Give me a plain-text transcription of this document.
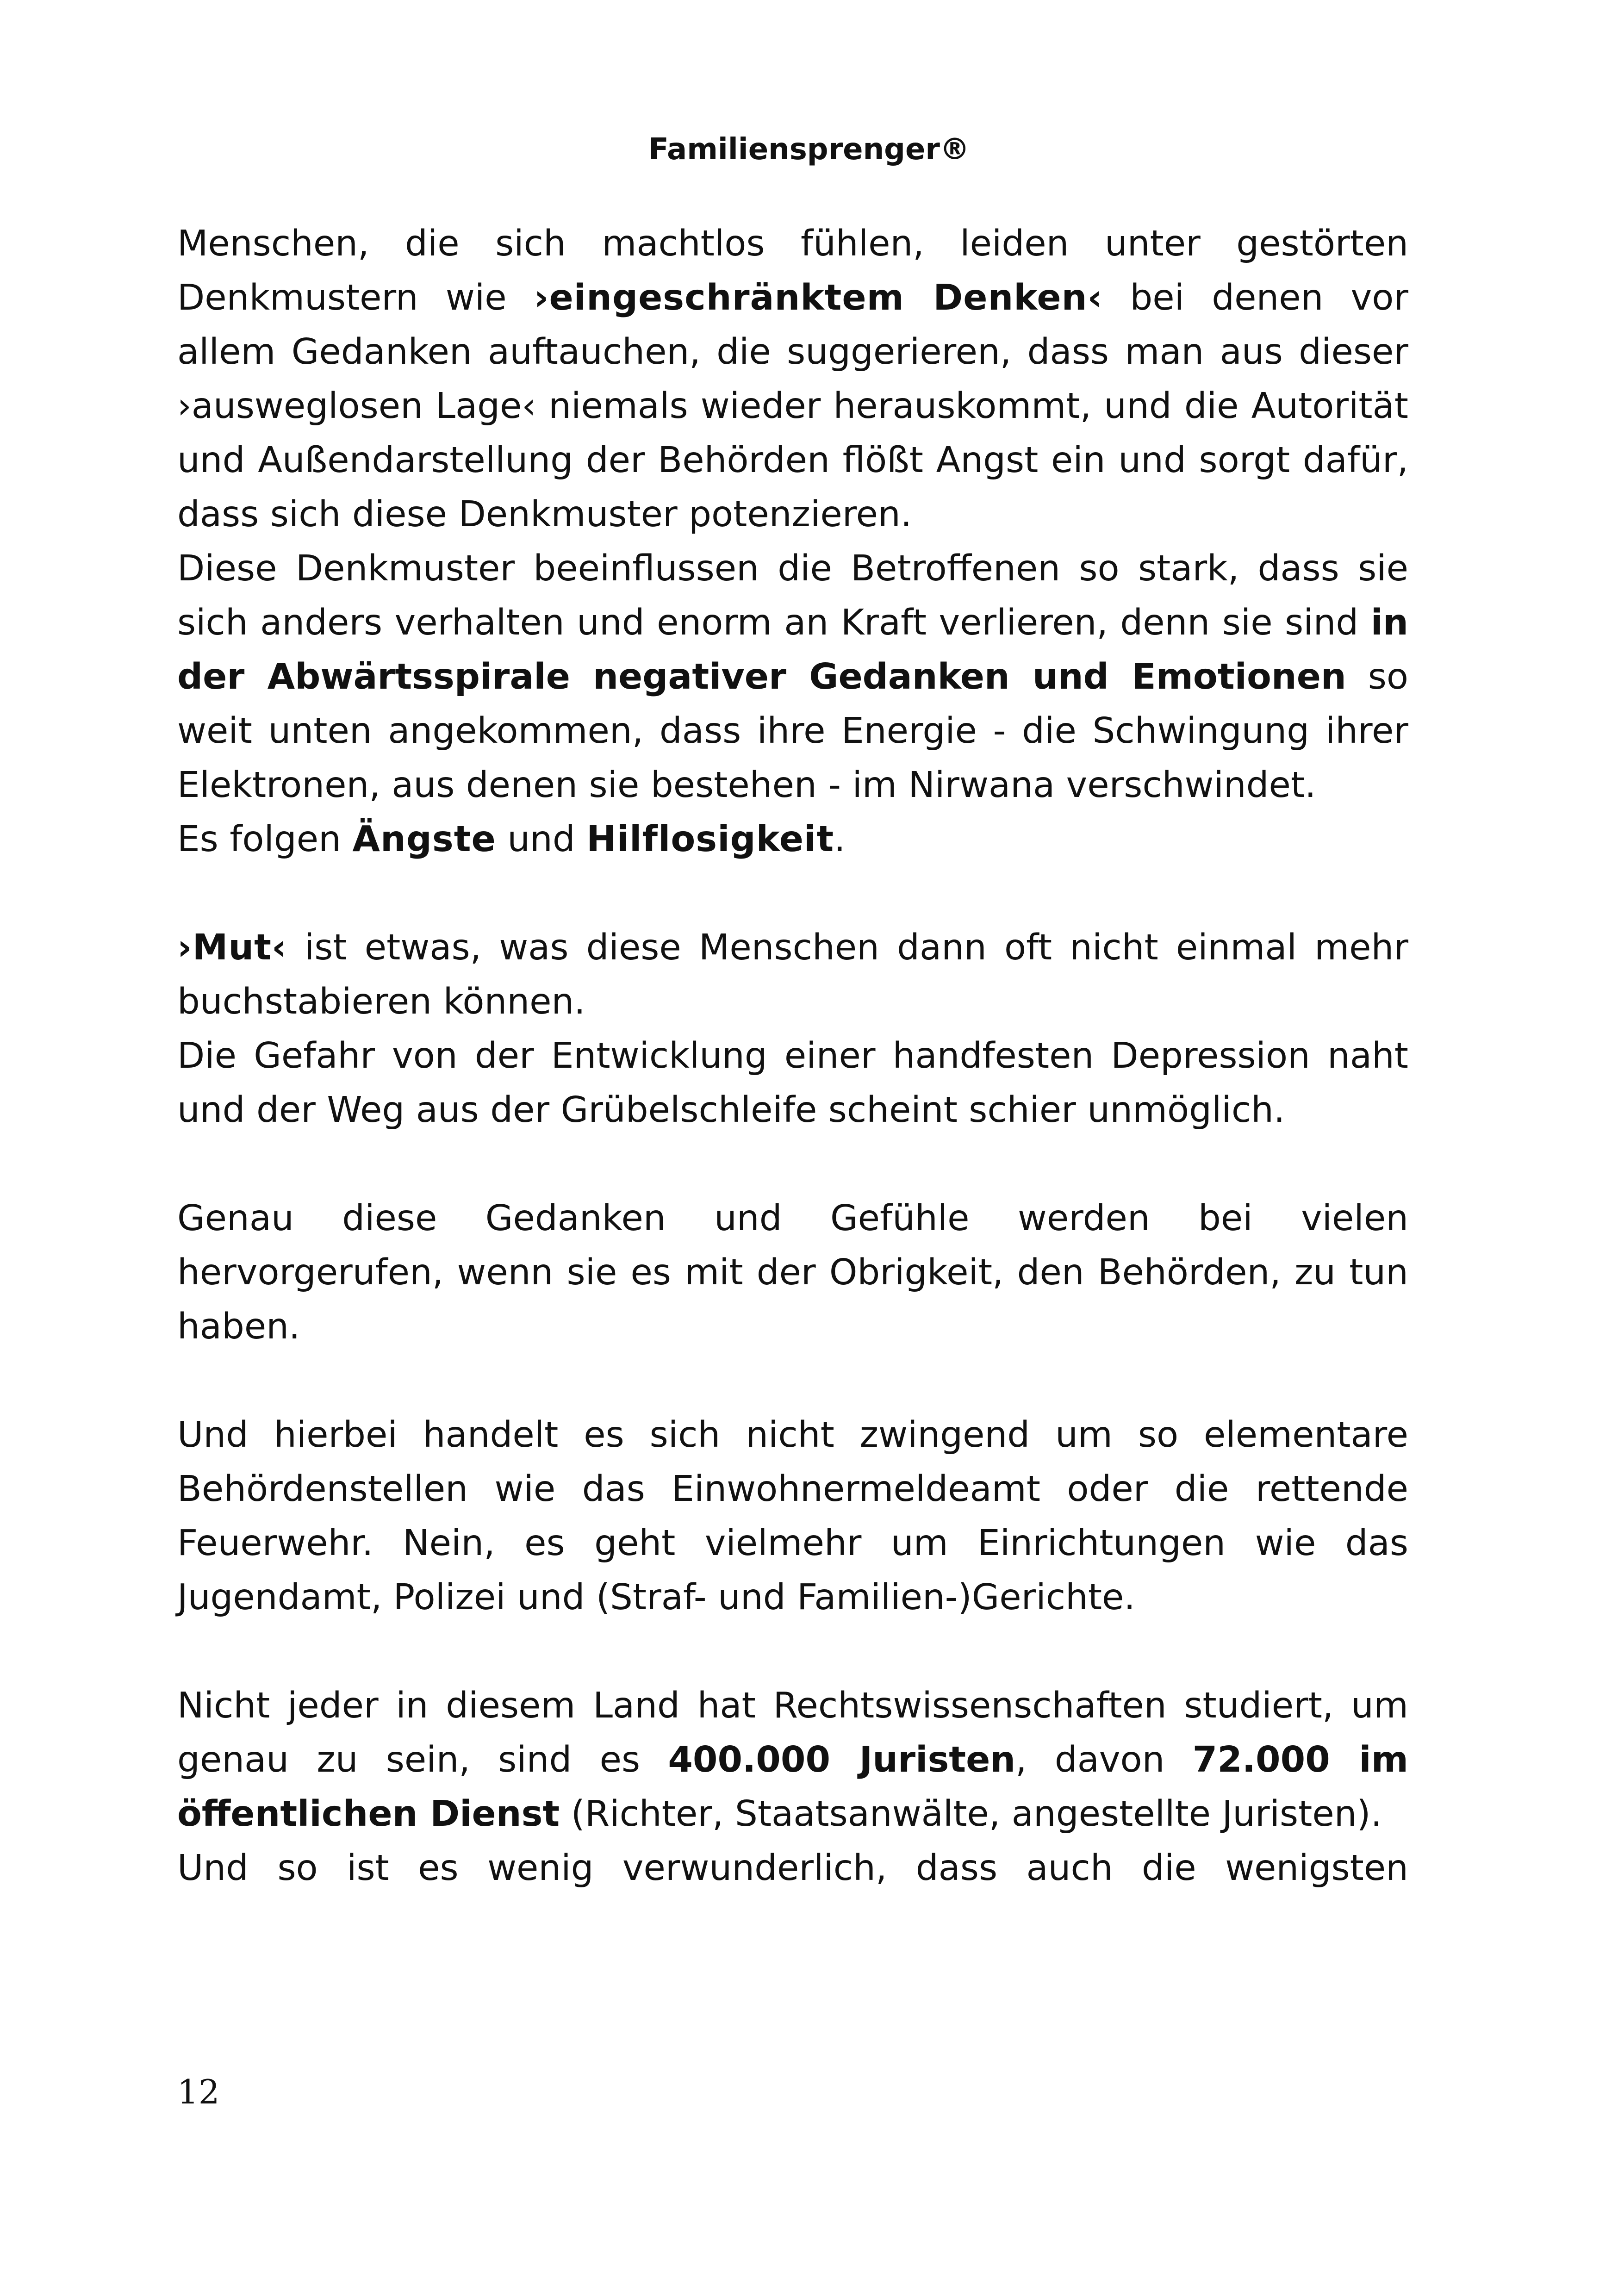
Familiensprenger®

Menschen, die sich machtlos fühlen, leiden unter gestörten Denkmustern wie ›eingeschränktem Denken‹ bei denen vor allem Gedanken auftauchen, die suggerieren, dass man aus dieser ›ausweglosen Lage‹ niemals wieder herauskommt, und die Autorität und Außendarstellung der Behörden flößt Angst ein und sorgt dafür, dass sich diese Denkmuster potenzieren.

Diese Denkmuster beeinflussen die Betroffenen so stark, dass sie sich anders verhalten und enorm an Kraft verlieren, denn sie sind in der Abwärtsspirale negativer Gedanken und Emotionen so weit unten angekommen, dass ihre Energie - die Schwingung ihrer Elektronen, aus denen sie bestehen - im Nirwana verschwindet.

Es folgen Ängste und Hilflosigkeit.

›Mut‹ ist etwas, was diese Menschen dann oft nicht einmal mehr buchstabieren können.

Die Gefahr von der Entwicklung einer handfesten Depression naht und der Weg aus der Grübelschleife scheint schier unmöglich.

Genau diese Gedanken und Gefühle werden bei vielen hervorgerufen, wenn sie es mit der Obrigkeit, den Behörden, zu tun haben.

Und hierbei handelt es sich nicht zwingend um so elementare Behördenstellen wie das Einwohnermeldeamt oder die rettende Feuerwehr. Nein, es geht vielmehr um Einrichtungen wie das Jugendamt, Polizei und (Straf- und Familien-)Gerichte.

Nicht jeder in diesem Land hat Rechtswissenschaften studiert, um genau zu sein, sind es 400.000 Juristen, davon 72.000 im öffentlichen Dienst (Richter, Staatsanwälte, angestellte Juristen).

Und so ist es wenig verwunderlich, dass auch die wenigsten

12
